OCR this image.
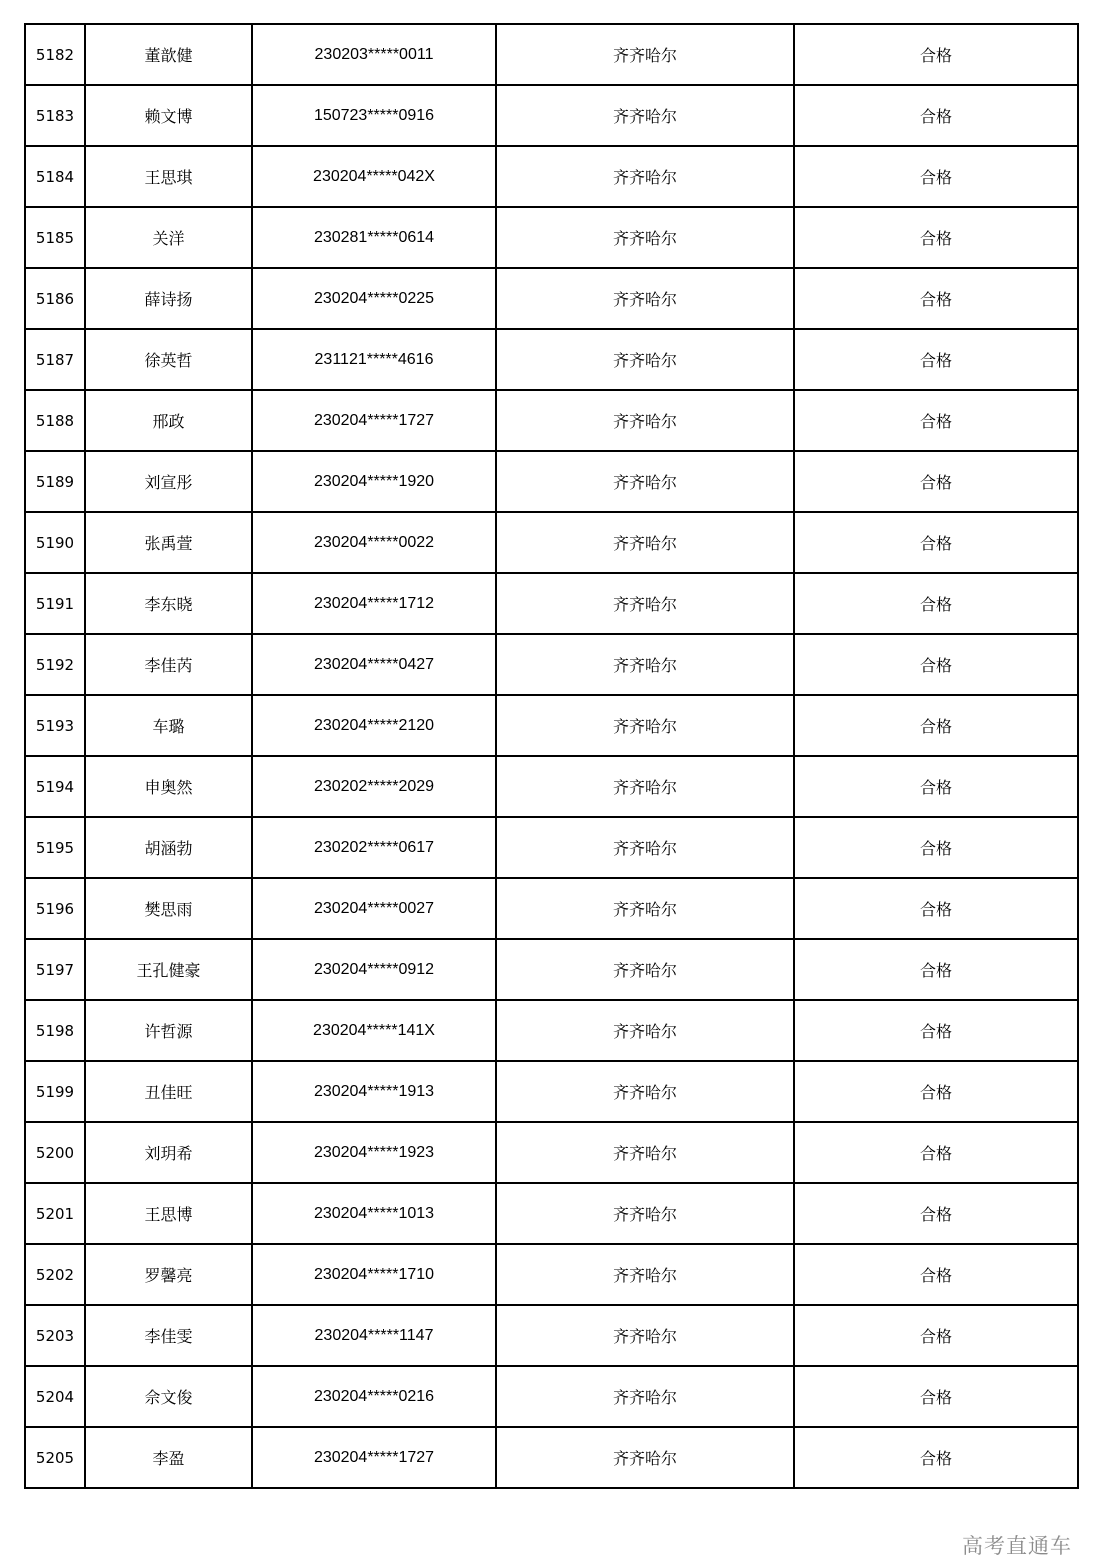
5182	董歆健	230203*****0011	齐齐哈尔	合格
5183	赖文博	150723*****0916	齐齐哈尔	合格
5184	王思琪	230204*****042X	齐齐哈尔	合格
5185	关洋	230281*****0614	齐齐哈尔	合格
5186	薛诗扬	230204*****0225	齐齐哈尔	合格
5187	徐英哲	231121*****4616	齐齐哈尔	合格
5188	邢政	230204*****1727	齐齐哈尔	合格
5189	刘宣彤	230204*****1920	齐齐哈尔	合格
5190	张禹萱	230204*****0022	齐齐哈尔	合格
5191	李东晓	230204*****1712	齐齐哈尔	合格
5192	李佳芮	230204*****0427	齐齐哈尔	合格
5193	车璐	230204*****2120	齐齐哈尔	合格
5194	申奥然	230202*****2029	齐齐哈尔	合格
5195	胡涵勃	230202*****0617	齐齐哈尔	合格
5196	樊思雨	230204*****0027	齐齐哈尔	合格
5197	王孔健豪	230204*****0912	齐齐哈尔	合格
5198	许哲源	230204*****141X	齐齐哈尔	合格
5199	丑佳旺	230204*****1913	齐齐哈尔	合格
5200	刘玥希	230204*****1923	齐齐哈尔	合格
5201	王思博	230204*****1013	齐齐哈尔	合格
5202	罗馨亮	230204*****1710	齐齐哈尔	合格
5203	李佳雯	230204*****1147	齐齐哈尔	合格
5204	佘文俊	230204*****0216	齐齐哈尔	合格
5205	李盈	230204*****1727	齐齐哈尔	合格
高考直通车
